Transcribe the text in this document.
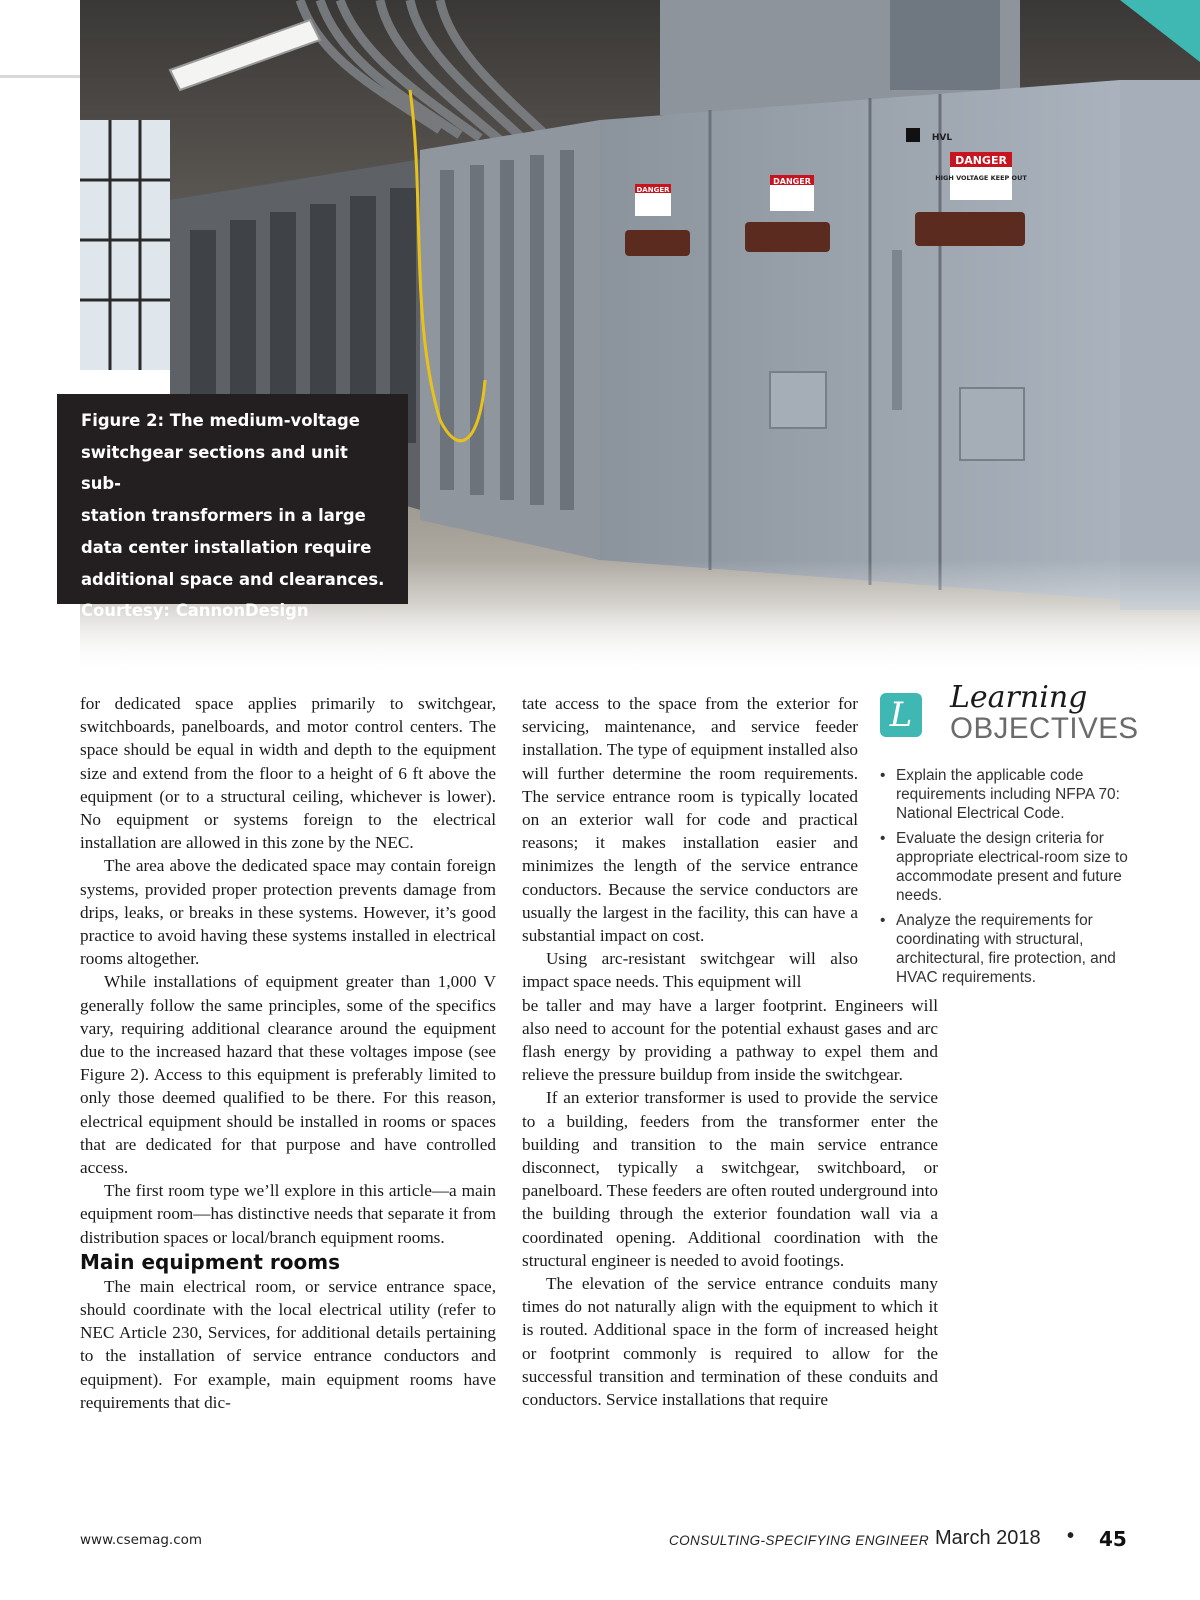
DANGER
DANGER
DANGER
HIGH VOLTAGE KEEP OUT
HVL

Figure 2: The medium-voltage

switchgear sections and unit sub-

station transformers in a large

data center installation require

additional space and clearances.

Courtesy: CannonDesign

for dedicated space applies primarily to switchgear, switchboards, panelboards, and motor control centers. The space should be equal in width and depth to the equipment size and extend from the floor to a height of 6 ft above the equipment (or to a structural ceiling, whichever is lower). No equipment or systems foreign to the electrical installation are allowed in this zone by the NEC.

The area above the dedicated space may contain foreign systems, provided proper protection prevents damage from drips, leaks, or breaks in these systems. However, it’s good practice to avoid having these systems installed in electrical rooms altogether.

While installations of equipment greater than 1,000 V generally follow the same principles, some of the specifics vary, requiring additional clearance around the equipment due to the increased hazard that these voltages impose (see Figure 2). Access to this equipment is preferably limited to only those deemed qualified to be there. For this reason, electrical equipment should be installed in rooms or spaces that are dedicated for that purpose and have controlled access.

The first room type we’ll explore in this article—a main equipment room—has distinctive needs that separate it from distribution spaces or local/branch equipment rooms.

Main equipment rooms

The main electrical room, or service entrance space, should coordinate with the local electrical utility (refer to NEC Article 230, Services, for additional details pertaining to the installation of service entrance conductors and equipment). For example, main equipment rooms have requirements that dic-

tate access to the space from the exterior for servicing, maintenance, and service feeder installation. The type of equipment installed also will further determine the room requirements. The service entrance room is typically located on an exterior wall for code and practical reasons; it makes installation easier and minimizes the length of the service entrance conductors. Because the service conductors are usually the largest in the facility, this can have a substantial impact on cost.

Using arc-resistant switchgear will also impact space needs. This equipment will

be taller and may have a larger footprint. Engineers will also need to account for the potential exhaust gases and arc flash energy by providing a pathway to expel them and relieve the pressure buildup from inside the switchgear.

If an exterior transformer is used to provide the service to a building, feeders from the transformer enter the building and transition to the main service entrance disconnect, typically a switchgear, switchboard, or panelboard. These feeders are often routed underground into the building through the exterior foundation wall via a coordinated opening. Additional coordination with the structural engineer is needed to avoid footings.

The elevation of the service entrance conduits many times do not naturally align with the equipment to which it is routed. Additional space in the form of increased height or footprint commonly is required to allow for the successful transition and termination of these conduits and conductors. Service installations that require

L	Learning
OBJECTIVES
• Explain the applicable code requirements including NFPA 70: National Electrical Code.
• Evaluate the design criteria for appropriate electrical-room size to accommodate present and future needs.
• Analyze the requirements for coordinating with structural, architectural, fire protection, and HVAC requirements.
www.csemag.com	CONSULTING-SPECIFYING ENGINEER March 2018 • 45
